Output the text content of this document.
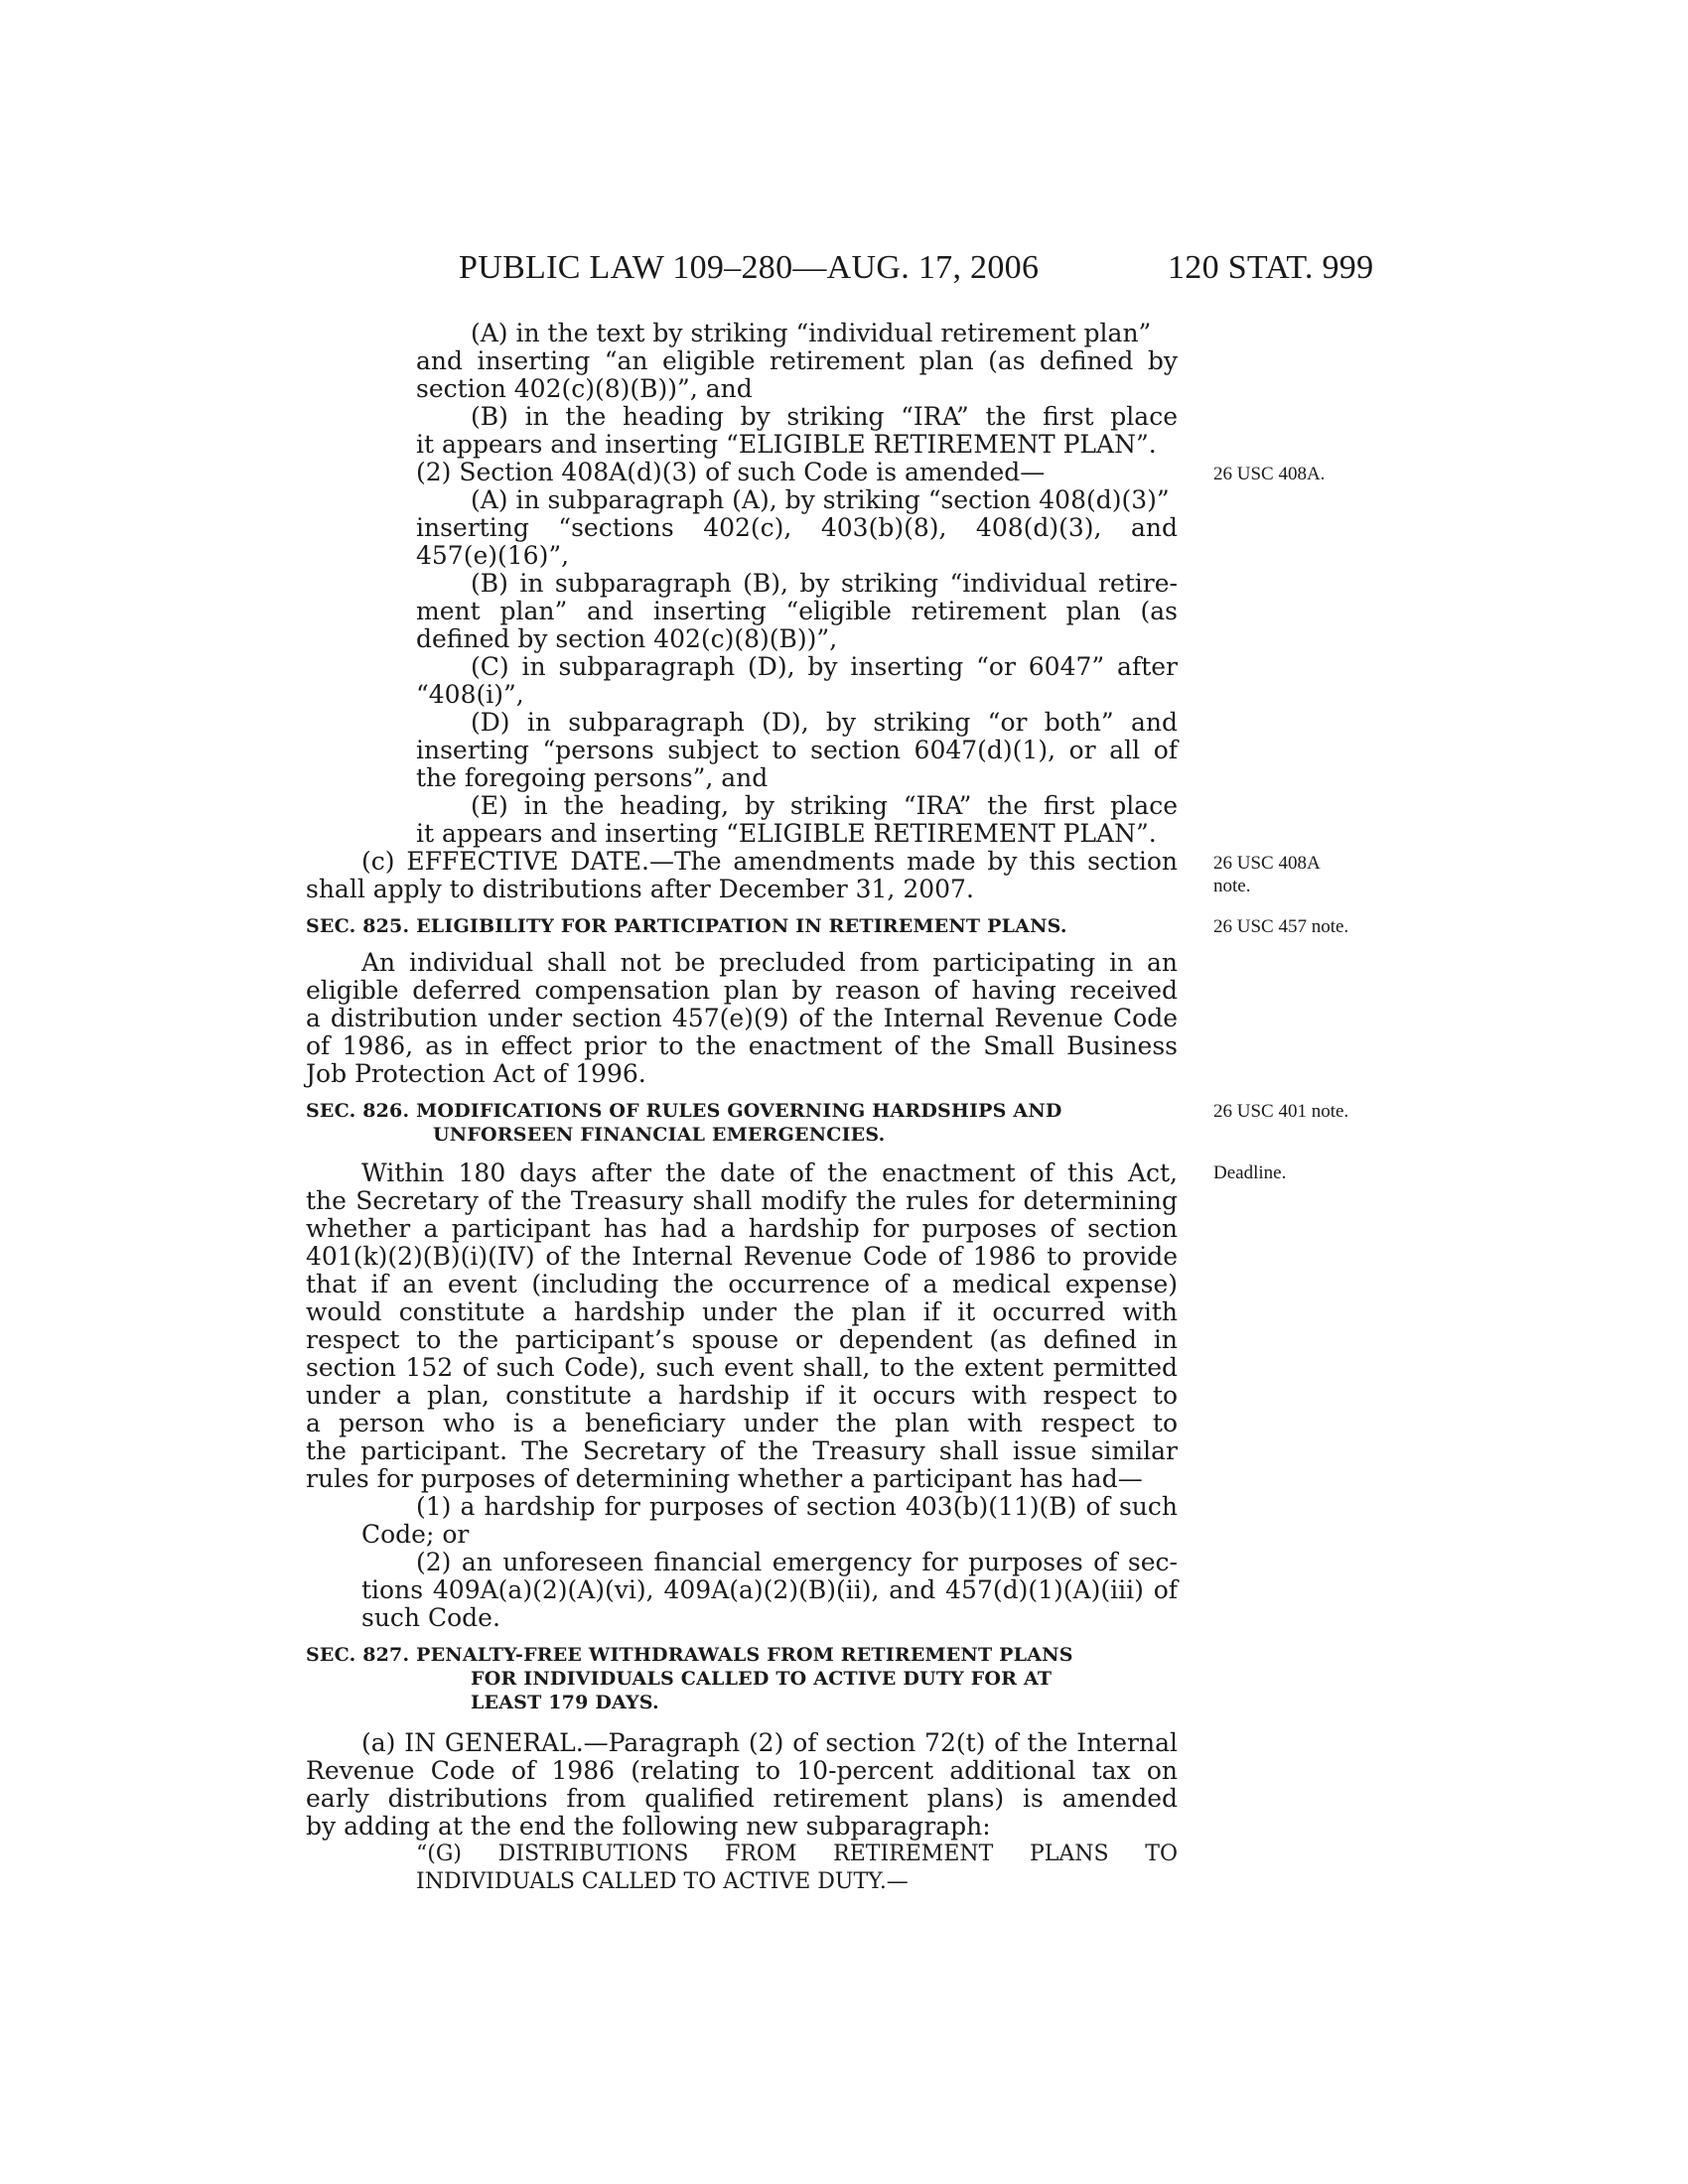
PUBLIC LAW 109–280—AUG. 17, 2006	120 STAT. 999
(A) in the text by striking “individual retirement plan”
and inserting “an eligible retirement plan (as defined by
section 402(c)(8)(B))”, and
(B) in the heading by striking “IRA” the first place
it appears and inserting “ELIGIBLE RETIREMENT PLAN”.
(2) Section 408A(d)(3) of such Code is amended—
(A) in subparagraph (A), by striking “section 408(d)(3)”
inserting “sections 402(c), 403(b)(8), 408(d)(3), and
457(e)(16)”,
(B) in subparagraph (B), by striking “individual retire-
ment plan” and inserting “eligible retirement plan (as
defined by section 402(c)(8)(B))”,
(C) in subparagraph (D), by inserting “or 6047” after
“408(i)”,
(D) in subparagraph (D), by striking “or both” and
inserting “persons subject to section 6047(d)(1), or all of
the foregoing persons”, and
(E) in the heading, by striking “IRA” the first place
it appears and inserting “ELIGIBLE RETIREMENT PLAN”.
(c) EFFECTIVE DATE.—The amendments made by this section
shall apply to distributions after December 31, 2007.
SEC. 825. ELIGIBILITY FOR PARTICIPATION IN RETIREMENT PLANS.
An individual shall not be precluded from participating in an
eligible deferred compensation plan by reason of having received
a distribution under section 457(e)(9) of the Internal Revenue Code
of 1986, as in effect prior to the enactment of the Small Business
Job Protection Act of 1996.
SEC. 826. MODIFICATIONS OF RULES GOVERNING HARDSHIPS AND
UNFORSEEN FINANCIAL EMERGENCIES.
Within 180 days after the date of the enactment of this Act,
the Secretary of the Treasury shall modify the rules for determining
whether a participant has had a hardship for purposes of section
401(k)(2)(B)(i)(IV) of the Internal Revenue Code of 1986 to provide
that if an event (including the occurrence of a medical expense)
would constitute a hardship under the plan if it occurred with
respect to the participant’s spouse or dependent (as defined in
section 152 of such Code), such event shall, to the extent permitted
under a plan, constitute a hardship if it occurs with respect to
a person who is a beneficiary under the plan with respect to
the participant. The Secretary of the Treasury shall issue similar
rules for purposes of determining whether a participant has had—
(1) a hardship for purposes of section 403(b)(11)(B) of such
Code; or
(2) an unforeseen financial emergency for purposes of sec-
tions 409A(a)(2)(A)(vi), 409A(a)(2)(B)(ii), and 457(d)(1)(A)(iii) of
such Code.
SEC. 827. PENALTY-FREE WITHDRAWALS FROM RETIREMENT PLANS
FOR INDIVIDUALS CALLED TO ACTIVE DUTY FOR AT
LEAST 179 DAYS.
(a) IN GENERAL.—Paragraph (2) of section 72(t) of the Internal
Revenue Code of 1986 (relating to 10-percent additional tax on
early distributions from qualified retirement plans) is amended
by adding at the end the following new subparagraph:
“(G) DISTRIBUTIONS FROM RETIREMENT PLANS TO
INDIVIDUALS CALLED TO ACTIVE DUTY.—
26 USC 408A.
26 USC 408A
note.
26 USC 457 note.
26 USC 401 note.
Deadline.
